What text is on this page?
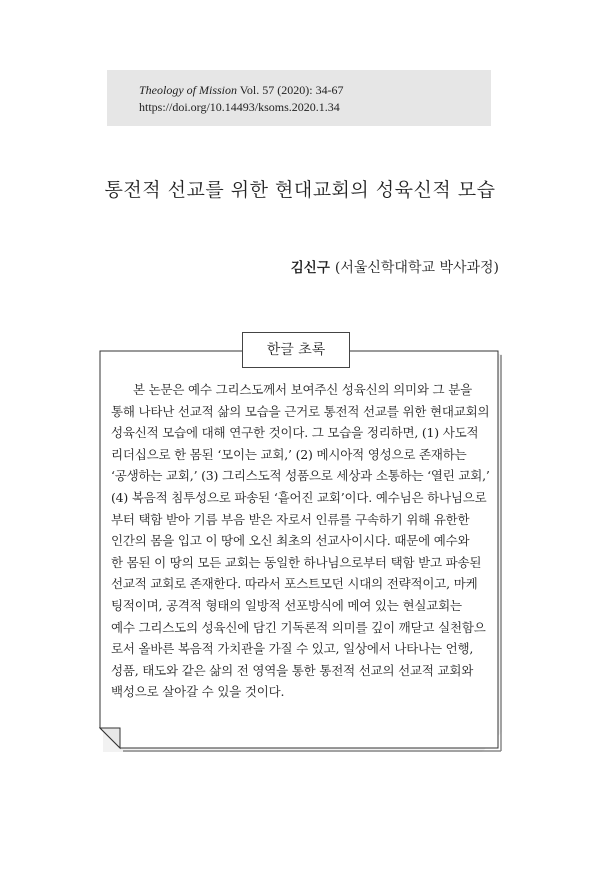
Theology of Mission Vol. 57 (2020): 34-67
https://doi.org/10.14493/ksoms.2020.1.34
통전적 선교를 위한 현대교회의 성육신적 모습
김신구 (서울신학대학교 박사과정)
한글 초록
본 논문은 예수 그리스도께서 보여주신 성육신의 의미와 그 분을
통해 나타난 선교적 삶의 모습을 근거로 통전적 선교를 위한 현대교회의
성육신적 모습에 대해 연구한 것이다. 그 모습을 정리하면, (1) 사도적
리더십으로 한 몸된 ‘모이는 교회,’ (2) 메시아적 영성으로 존재하는
‘공생하는 교회,’ (3) 그리스도적 성품으로 세상과 소통하는 ‘열린 교회,’
(4) 복음적 침투성으로 파송된 ‘흩어진 교회’이다. 예수님은 하나님으로
부터 택함 받아 기름 부음 받은 자로서 인류를 구속하기 위해 유한한
인간의 몸을 입고 이 땅에 오신 최초의 선교사이시다. 때문에 예수와
한 몸된 이 땅의 모든 교회는 동일한 하나님으로부터 택함 받고 파송된
선교적 교회로 존재한다. 따라서 포스트모던 시대의 전략적이고, 마케
팅적이며, 공격적 형태의 일방적 선포방식에 메여 있는 현실교회는
예수 그리스도의 성육신에 담긴 기독론적 의미를 깊이 깨닫고 실천함으
로서 올바른 복음적 가치관을 가질 수 있고, 일상에서 나타나는 언행,
성품, 태도와 같은 삶의 전 영역을 통한 통전적 선교의 선교적 교회와
백성으로 살아갈 수 있을 것이다.
